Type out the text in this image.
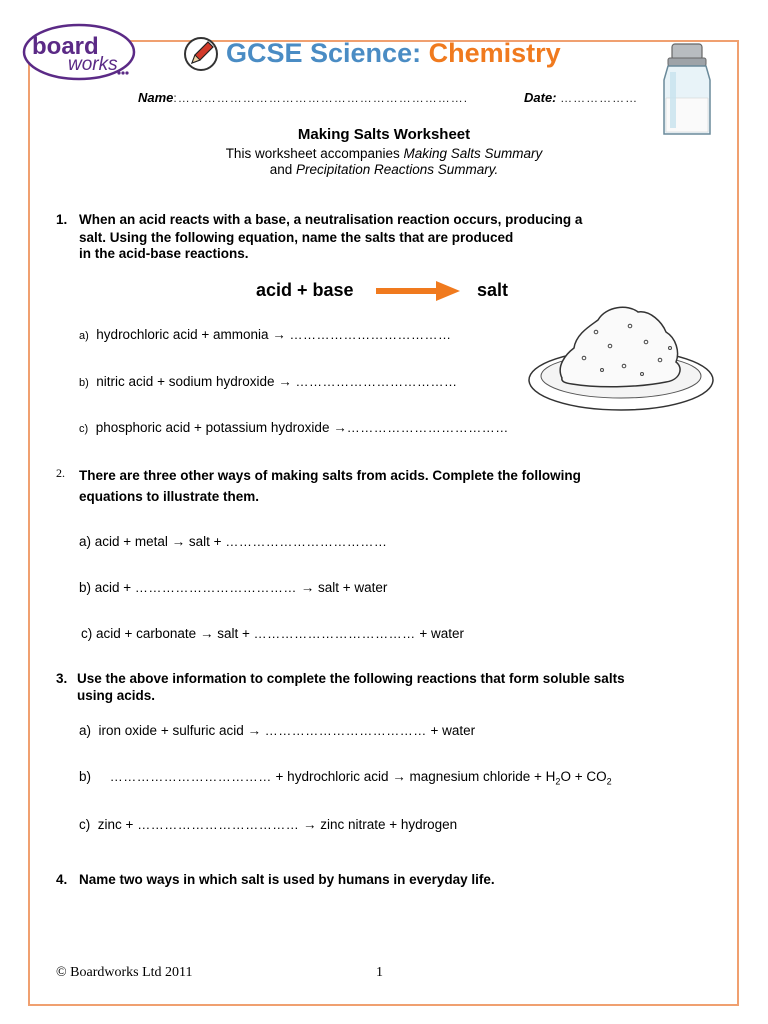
board
works	GCSE Science: Chemistry
Name:………………………………………………………….	Date: ………………
Making Salts Worksheet
This worksheet accompanies Making Salts Summary
and Precipitation Reactions Summary.
1. When an acid reacts with a base, a neutralisation reaction occurs, producing a
salt. Using the following equation, name the salts that are produced
in the acid-base reactions.
acid + base	salt
a) hydrochloric acid + ammonia → ………………………………
b) nitric acid + sodium hydroxide → ………………………………
c) phosphoric acid + potassium hydroxide →………………………………
2. There are three other ways of making salts from acids. Complete the following
equations to illustrate them.
a) acid + metal → salt + ………………………………
b) acid + ……………………………… → salt + water
c) acid + carbonate → salt + ……………………………… + water
3. Use the above information to complete the following reactions that form soluble salts
using acids.
a) iron oxide + sulfuric acid → ……………………………… + water
b) ……………………………… + hydrochloric acid → magnesium chloride + $H_2O + CO_2$
c) zinc + ……………………………… → zinc nitrate + hydrogen
4. Name two ways in which salt is used by humans in everyday life.
© Boardworks Ltd 2011	1
